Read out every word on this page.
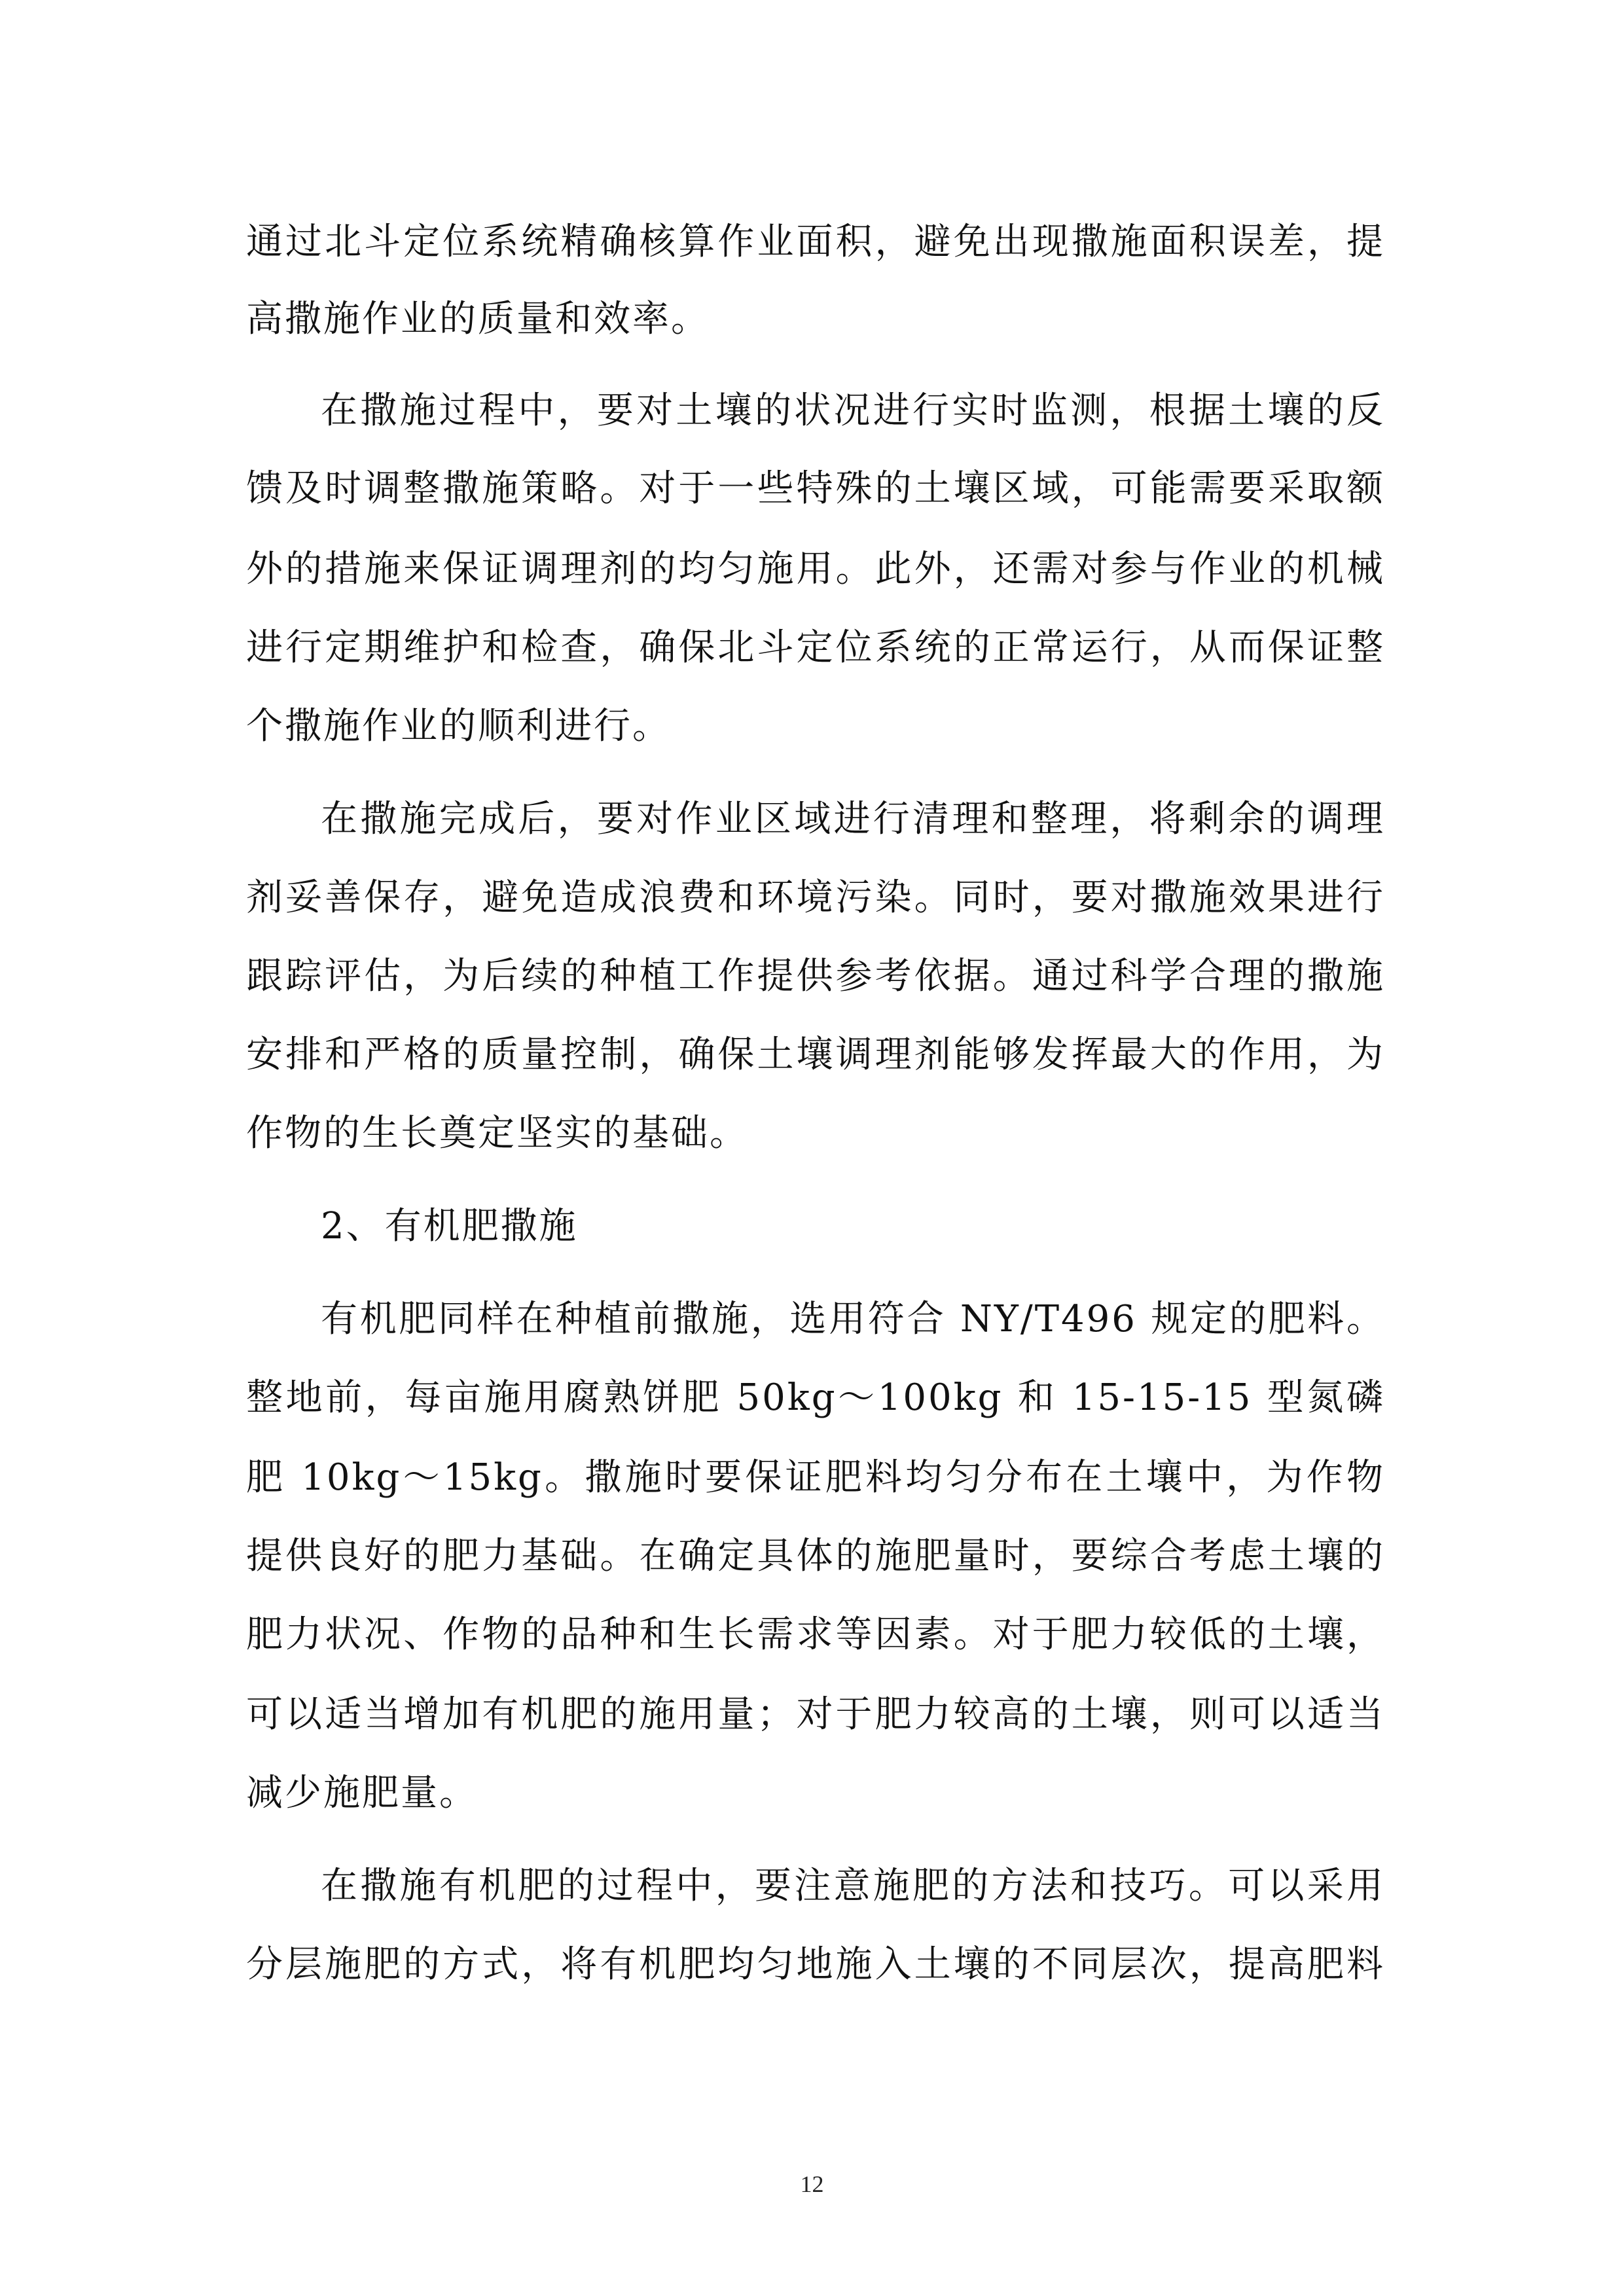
通过北斗定位系统精确核算作业面积，避免出现撒施面积误差，提
高撒施作业的质量和效率。
在撒施过程中，要对土壤的状况进行实时监测，根据土壤的反
馈及时调整撒施策略。对于一些特殊的土壤区域，可能需要采取额
外的措施来保证调理剂的均匀施用。此外，还需对参与作业的机械
进行定期维护和检查，确保北斗定位系统的正常运行，从而保证整
个撒施作业的顺利进行。
在撒施完成后，要对作业区域进行清理和整理，将剩余的调理
剂妥善保存，避免造成浪费和环境污染。同时，要对撒施效果进行
跟踪评估，为后续的种植工作提供参考依据。通过科学合理的撒施
安排和严格的质量控制，确保土壤调理剂能够发挥最大的作用，为
作物的生长奠定坚实的基础。
2、有机肥撒施
有机肥同样在种植前撒施，选用符合 NY/T496 规定的肥料。
整地前，每亩施用腐熟饼肥 50kg～100kg 和 15-15-15 型氮磷
肥 10kg～15kg。撒施时要保证肥料均匀分布在土壤中，为作物
提供良好的肥力基础。在确定具体的施肥量时，要综合考虑土壤的
肥力状况、作物的品种和生长需求等因素。对于肥力较低的土壤，
可以适当增加有机肥的施用量；对于肥力较高的土壤，则可以适当
减少施肥量。
在撒施有机肥的过程中，要注意施肥的方法和技巧。可以采用
分层施肥的方式，将有机肥均匀地施入土壤的不同层次，提高肥料
12
